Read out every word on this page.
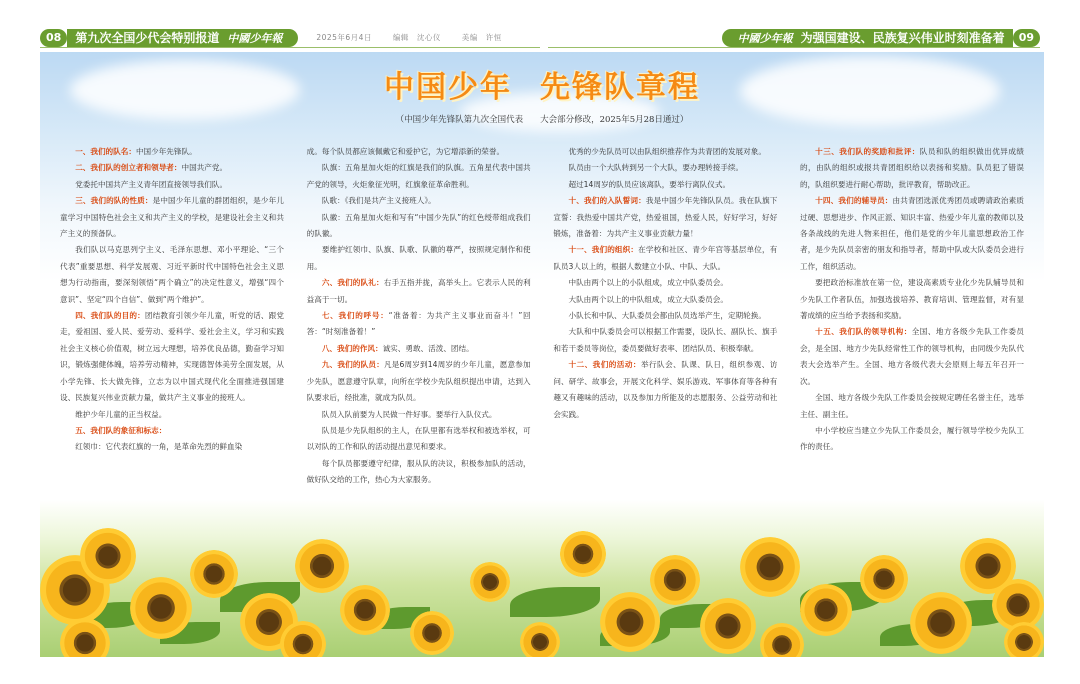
08	第九次全国少代会特别报道 中國少年報	2025年6月4日	编辑　沈心仪	美编　许恒	中國少年報 为强国建设、民族复兴伟业时刻准备着	09
中国少年 先锋队章程
（中国少年先锋队第九次全国代表　　大会部分修改，2025年5月28日通过）

一、我们的队名：中国少年先锋队。

二、我们队的创立者和领导者：中国共产党。

党委托中国共产主义青年团直接领导我们队。

三、我们的队的性质：是中国少年儿童的群团组织，是少年儿童学习中国特色社会主义和共产主义的学校，是建设社会主义和共产主义的预备队。

我们队以马克思列宁主义、毛泽东思想、邓小平理论、“三个代表”重要思想、科学发展观、习近平新时代中国特色社会主义思想为行动指南，要深刻领悟“两个确立”的决定性意义，增强“四个意识”、坚定“四个自信”、做到“两个维护”。

四、我们队的目的：团结教育引领少年儿童，听党的话、跟党走，爱祖国、爱人民、爱劳动、爱科学、爱社会主义，学习和实践社会主义核心价值观，树立远大理想，培养优良品德，勤奋学习知识，锻炼强健体魄，培养劳动精神，实现德智体美劳全面发展，从小学先锋、长大做先锋，立志为以中国式现代化全面推进强国建设、民族复兴伟业贡献力量，做共产主义事业的接班人。

维护少年儿童的正当权益。

五、我们队的象征和标志：

红领巾：它代表红旗的一角，是革命先烈的鲜血染

成。每个队员都应该佩戴它和爱护它，为它增添新的荣誉。

队旗：五角星加火炬的红旗是我们的队旗。五角星代表中国共产党的领导，火炬象征光明，红旗象征革命胜利。

队歌：《我们是共产主义接班人》。

队徽：五角星加火炬和写有“中国少先队”的红色绶带组成我们的队徽。

要维护红领巾、队旗、队歌、队徽的尊严，按照规定制作和使用。

六、我们的队礼：右手五指并拢，高举头上。它表示人民的利益高于一切。

七、我们的呼号：“准备着：为共产主义事业而奋斗！”回答：“时刻准备着！”

八、我们的作风：诚实、勇敢、活泼、团结。

九、我们的队员：凡是6周岁到14周岁的少年儿童，愿意参加少先队，愿意遵守队章，向所在学校少先队组织提出申请，达到入队要求后，经批准，就成为队员。

队员入队前要为人民做一件好事。要举行入队仪式。

队员是少先队组织的主人，在队里都有选举权和被选举权，可以对队的工作和队的活动提出意见和要求。

每个队员都要遵守纪律，服从队的决议，积极参加队的活动，做好队交给的工作，热心为大家服务。

优秀的少先队员可以由队组织推荐作为共青团的发展对象。

队员由一个大队转到另一个大队，要办理转接手续。

超过14周岁的队员应该离队，要举行离队仪式。

十、我们的入队誓词：我是中国少年先锋队队员。我在队旗下宣誓：我热爱中国共产党，热爱祖国，热爱人民，好好学习，好好锻炼，准备着：为共产主义事业贡献力量！

十一、我们的组织：在学校和社区、青少年宫等基层单位，有队员3人以上的，根据人数建立小队、中队、大队。

中队由两个以上的小队组成，成立中队委员会。

大队由两个以上的中队组成，成立大队委员会。

小队长和中队、大队委员会都由队员选举产生，定期轮换。

大队和中队委员会可以根据工作需要，设队长、副队长、旗手和若干委员等岗位，委员要做好表率、团结队员、积极奉献。

十二、我们的活动：举行队会、队课、队日，组织参观、访问、研学、故事会，开展文化科学、娱乐游戏、军事体育等各种有趣又有趣味的活动，以及参加力所能及的志愿服务、公益劳动和社会实践。

十三、我们队的奖励和批评：队员和队的组织做出优异成绩的，由队的组织或报共青团组织给以表扬和奖励。队员犯了错误的，队组织要进行耐心帮助，批评教育，帮助改正。

十四、我们的辅导员：由共青团选派优秀团员或聘请政治素质过硬、思想进步、作风正派、知识丰富、热爱少年儿童的教师以及各条战线的先进人物来担任，他们是党的少年儿童思想政治工作者，是少先队员亲密的朋友和指导者，帮助中队或大队委员会进行工作，组织活动。

要把政治标准放在第一位，建设高素质专业化少先队辅导员和少先队工作者队伍，加强选拔培养、教育培训、管理监督，对有显著成绩的应当给予表扬和奖励。

十五、我们队的领导机构：全国、地方各级少先队工作委员会，是全国、地方少先队经常性工作的领导机构，由同级少先队代表大会选举产生。全国、地方各级代表大会原则上每五年召开一次。

全国、地方各级少先队工作委员会按规定聘任名誉主任，选举主任、副主任。

中小学校应当建立少先队工作委员会，履行领导学校少先队工作的责任。
